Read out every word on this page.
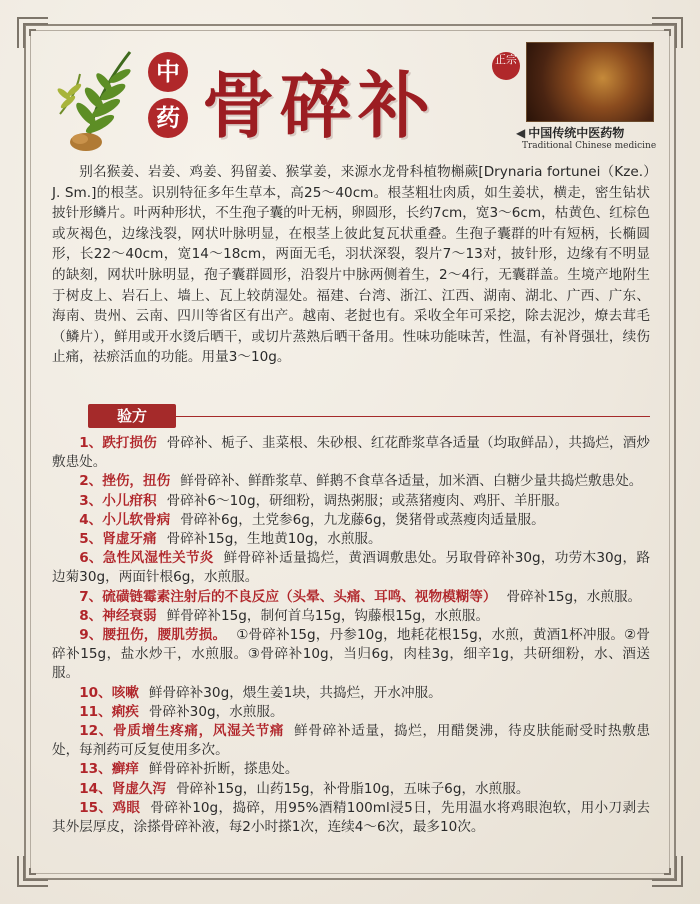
中
药 骨碎补
正宗
◀ 中国传统中医药物
Traditional Chinese medicine

别名猴姜、岩姜、鸡姜、犸留姜、猴掌姜，来源水龙骨科植物槲蕨[Drynaria fortunei（Kze.）J. Sm.]的根茎。识别特征多年生草本，高25～40cm。根茎粗壮肉质，如生姜状，横走，密生钻状披针形鳞片。叶两种形状，不生孢子囊的叶无柄，卵圆形，长约7cm，宽3～6cm，枯黄色、红棕色或灰褐色，边缘浅裂，网状叶脉明显，在根茎上彼此复瓦状重叠。生孢子囊群的叶有短柄，长椭圆形，长22～40cm，宽14～18cm，两面无毛，羽状深裂，裂片7～13对，披针形，边缘有不明显的缺刻，网状叶脉明显，孢子囊群圆形，沿裂片中脉两侧着生，2～4行，无囊群盖。生境产地附生于树皮上、岩石上、墙上、瓦上较荫湿处。福建、台湾、浙江、江西、湖南、湖北、广西、广东、海南、贵州、云南、四川等省区有出产。越南、老挝也有。采收全年可采挖，除去泥沙，燎去茸毛（鳞片），鲜用或开水烫后晒干，或切片蒸熟后晒干备用。性味功能味苦，性温，有补肾强壮，续伤止痛，祛瘀活血的功能。用量3～10g。

验方

1、跌打损伤 骨碎补、栀子、韭菜根、朱砂根、红花酢浆草各适量（均取鲜品），共捣烂，酒炒敷患处。

2、挫伤，扭伤 鲜骨碎补、鲜酢浆草、鲜鹅不食草各适量，加米酒、白糖少量共捣烂敷患处。

3、小儿疳积 骨碎补6～10g，研细粉，调热粥服；或蒸猪瘦肉、鸡肝、羊肝服。

4、小儿软骨病 骨碎补6g，土党参6g，九龙藤6g，煲猪骨或蒸瘦肉适量服。

5、肾虚牙痛 骨碎补15g，生地黄10g，水煎服。

6、急性风湿性关节炎 鲜骨碎补适量捣烂，黄酒调敷患处。另取骨碎补30g，功劳木30g，路边菊30g，两面针根6g，水煎服。

7、硫磺链霉素注射后的不良反应（头晕、头痛、耳鸣、视物模糊等） 骨碎补15g，水煎服。

8、神经衰弱 鲜骨碎补15g，制何首乌15g，钩藤根15g，水煎服。

9、腰扭伤，腰肌劳损。 ①骨碎补15g，丹参10g，地耗花根15g，水煎，黄酒1杯冲服。②骨碎补15g，盐水炒干，水煎服。③骨碎补10g，当归6g，肉桂3g，细辛1g，共研细粉，水、酒送服。

10、咳嗽 鲜骨碎补30g，煨生姜1块，共捣烂，开水冲服。

11、痢疾 骨碎补30g，水煎服。

12、骨质增生疼痛，风湿关节痛 鲜骨碎补适量，捣烂，用醋煲沸，待皮肤能耐受时热敷患处，每剂药可反复使用多次。

13、癣痒 鲜骨碎补折断，搽患处。

14、肾虚久泻 骨碎补15g，山药15g，补骨脂10g，五味子6g，水煎服。

15、鸡眼 骨碎补10g，捣碎，用95%酒精100ml浸5日，先用温水将鸡眼泡软，用小刀剥去其外层厚皮，涂搽骨碎补液，每2小时搽1次，连续4～6次，最多10次。
